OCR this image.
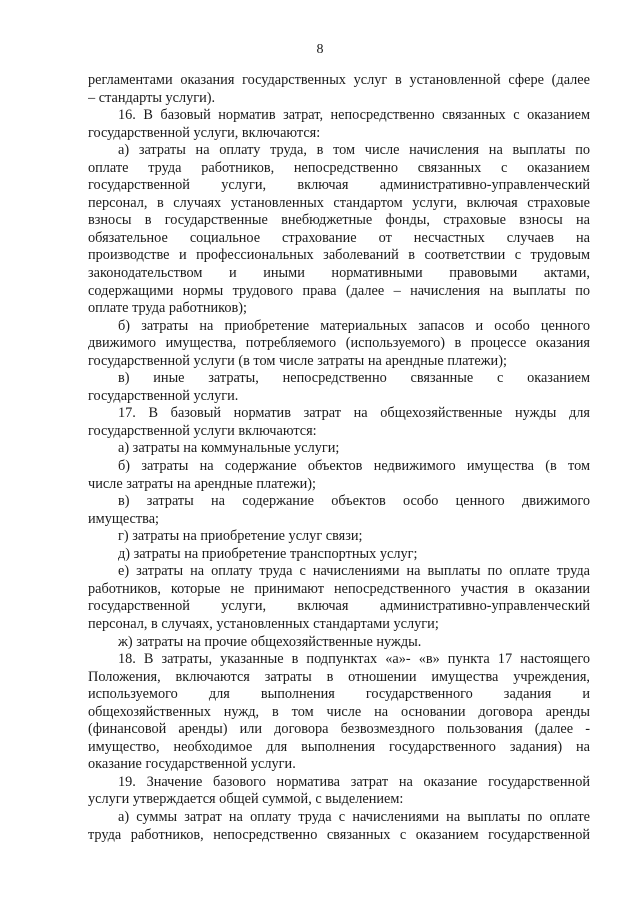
8
регламентами оказания государственных услуг в установленной сфере (далее
– стандарты услуги).
16. В базовый норматив затрат, непосредственно связанных с оказанием
государственной услуги, включаются:
а) затраты на оплату труда, в том числе начисления на выплаты по
оплате труда работников, непосредственно связанных с оказанием
государственной услуги, включая административно-управленческий
персонал, в случаях установленных стандартом услуги, включая страховые
взносы в государственные внебюджетные фонды, страховые взносы на
обязательное социальное страхование от несчастных случаев на
производстве и профессиональных заболеваний в соответствии с трудовым
законодательством и иными нормативными правовыми актами,
содержащими нормы трудового права (далее – начисления на выплаты по
оплате труда работников);
б) затраты на приобретение материальных запасов и особо ценного
движимого имущества, потребляемого (используемого) в процессе оказания
государственной услуги (в том числе затраты на арендные платежи);
в) иные затраты, непосредственно связанные с оказанием
государственной услуги.
17. В базовый норматив затрат на общехозяйственные нужды для
государственной услуги включаются:
а) затраты на коммунальные услуги;
б) затраты на содержание объектов недвижимого имущества (в том
числе затраты на арендные платежи);
в) затраты на содержание объектов особо ценного движимого
имущества;
г) затраты на приобретение услуг связи;
д) затраты на приобретение транспортных услуг;
е) затраты на оплату труда с начислениями на выплаты по оплате труда
работников, которые не принимают непосредственного участия в оказании
государственной услуги, включая административно-управленческий
персонал, в случаях, установленных стандартами услуги;
ж) затраты на прочие общехозяйственные нужды.
18. В затраты, указанные в подпунктах «а»- «в» пункта 17 настоящего
Положения, включаются затраты в отношении имущества учреждения,
используемого для выполнения государственного задания и
общехозяйственных нужд, в том числе на основании договора аренды
(финансовой аренды) или договора безвозмездного пользования (далее -
имущество, необходимое для выполнения государственного задания) на
оказание государственной услуги.
19. Значение базового норматива затрат на оказание государственной
услуги утверждается общей суммой, с выделением:
а) суммы затрат на оплату труда с начислениями на выплаты по оплате
труда работников, непосредственно связанных с оказанием государственной
